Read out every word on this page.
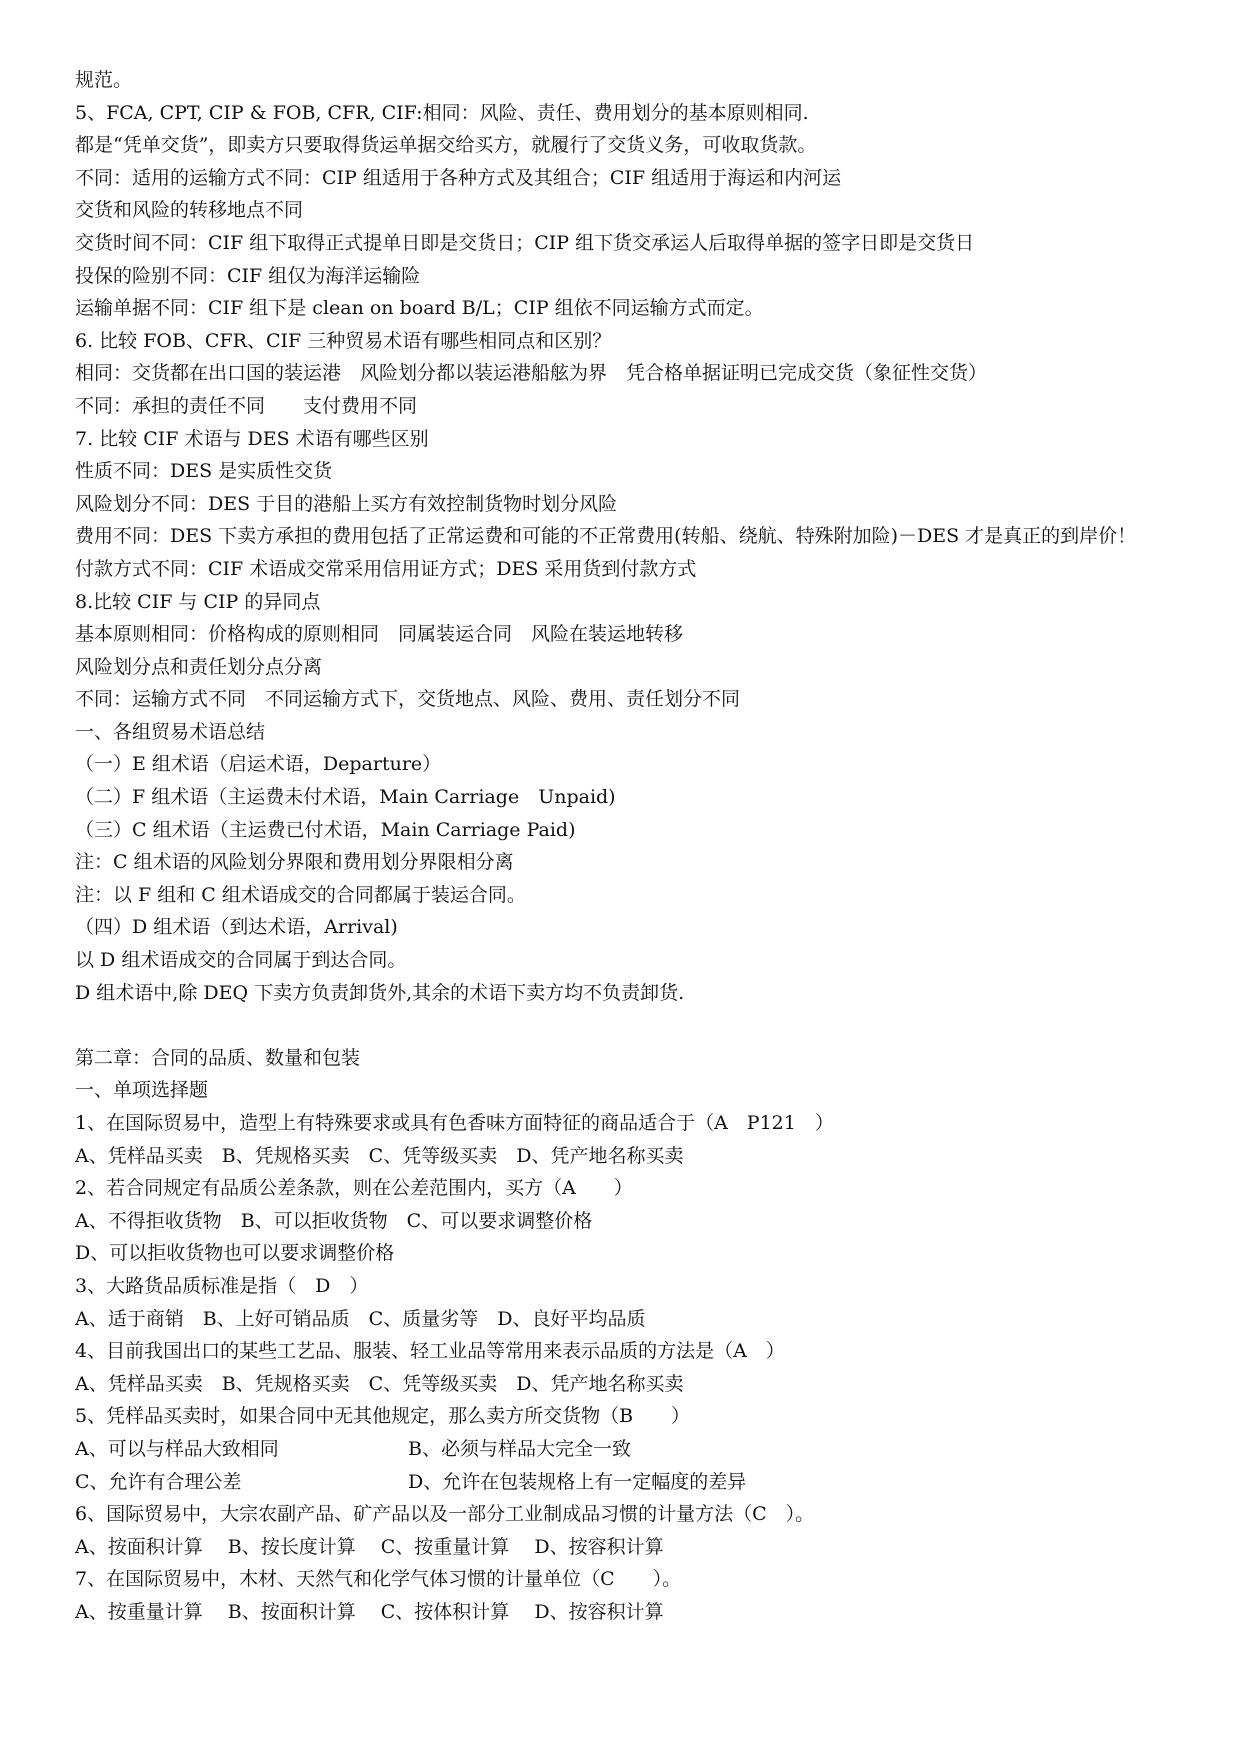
规范。
5、FCA, CPT, CIP & FOB, CFR, CIF:相同：风险、责任、费用划分的基本原则相同.
都是“凭单交货”，即卖方只要取得货运单据交给买方，就履行了交货义务，可收取货款。
不同：适用的运输方式不同：CIP 组适用于各种方式及其组合；CIF 组适用于海运和内河运
交货和风险的转移地点不同
交货时间不同：CIF 组下取得正式提单日即是交货日；CIP 组下货交承运人后取得单据的签字日即是交货日
投保的险别不同：CIF 组仅为海洋运输险
运输单据不同：CIF 组下是 clean on board B/L；CIP 组依不同运输方式而定。
6. 比较 FOB、CFR、CIF 三种贸易术语有哪些相同点和区别？
相同：交货都在出口国的装运港　风险划分都以装运港船舷为界　凭合格单据证明已完成交货（象征性交货）
不同：承担的责任不同　　支付费用不同
7. 比较 CIF 术语与 DES 术语有哪些区别
性质不同：DES 是实质性交货
风险划分不同：DES 于目的港船上买方有效控制货物时划分风险
费用不同：DES 下卖方承担的费用包括了正常运费和可能的不正常费用(转船、绕航、特殊附加险)－DES 才是真正的到岸价！
付款方式不同：CIF 术语成交常采用信用证方式；DES 采用货到付款方式
8.比较 CIF 与 CIP 的异同点
基本原则相同：价格构成的原则相同　同属装运合同　风险在装运地转移
风险划分点和责任划分点分离
不同：运输方式不同　不同运输方式下，交货地点、风险、费用、责任划分不同
一、各组贸易术语总结
（一）E 组术语（启运术语，Departure）
（二）F 组术语（主运费未付术语，Main Carriage　Unpaid)
（三）C 组术语（主运费已付术语，Main Carriage Paid)
注：C 组术语的风险划分界限和费用划分界限相分离
注：以 F 组和 C 组术语成交的合同都属于装运合同。
（四）D 组术语（到达术语，Arrival)
以 D 组术语成交的合同属于到达合同。
D 组术语中,除 DEQ 下卖方负责卸货外,其余的术语下卖方均不负责卸货.
第二章：合同的品质、数量和包装
一、单项选择题
1、在国际贸易中，造型上有特殊要求或具有色香味方面特征的商品适合于（A　P121　）
A、凭样品买卖　B、凭规格买卖　C、凭等级买卖　D、凭产地名称买卖
2、若合同规定有品质公差条款，则在公差范围内，买方（A　　）
A、不得拒收货物　B、可以拒收货物　C、可以要求调整价格
D、可以拒收货物也可以要求调整价格
3、大路货品质标准是指（　D　）
A、适于商销　B、上好可销品质　C、质量劣等　D、良好平均品质
4、目前我国出口的某些工艺品、服装、轻工业品等常用来表示品质的方法是（A　）
A、凭样品买卖　B、凭规格买卖　C、凭等级买卖　D、凭产地名称买卖
5、凭样品买卖时，如果合同中无其他规定，那么卖方所交货物（B　　）
A、可以与样品大致相同	B、必须与样品大完全一致
C、允许有合理公差	D、允许在包装规格上有一定幅度的差异
6、国际贸易中，大宗农副产品、矿产品以及一部分工业制成品习惯的计量方法（C　）。
A、按面积计算　 B、按长度计算　 C、按重量计算　 D、按容积计算
7、在国际贸易中，木材、天然气和化学气体习惯的计量单位（C　　）。
A、按重量计算　 B、按面积计算　 C、按体积计算　 D、按容积计算
